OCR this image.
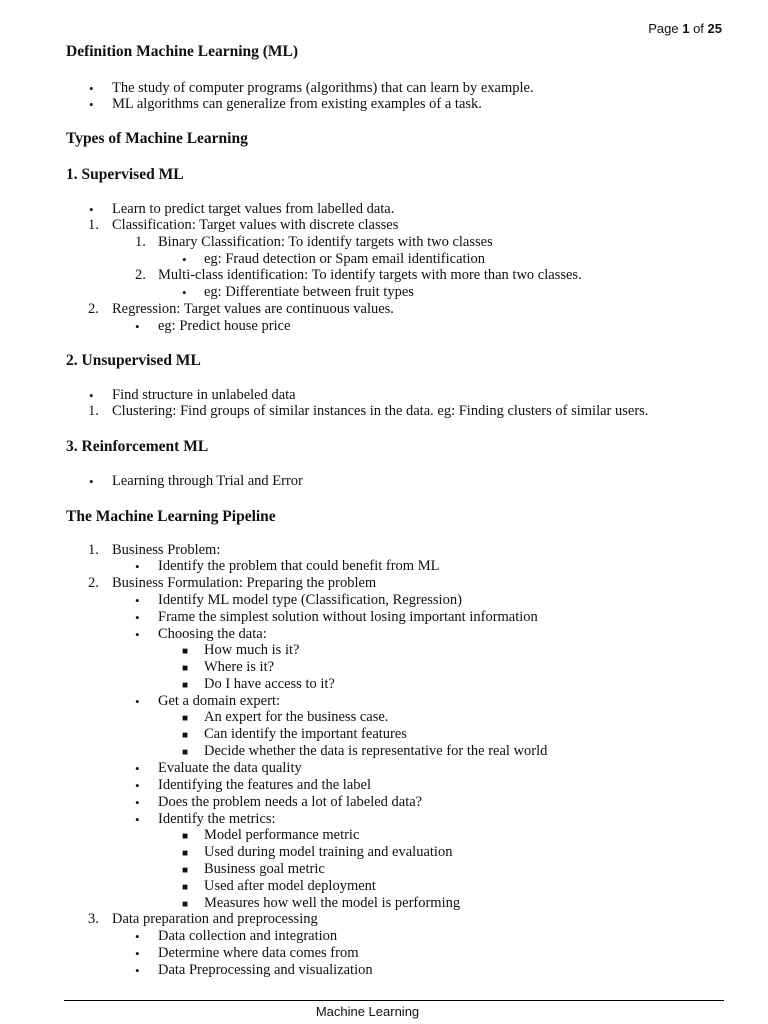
Page 1 of 25
Definition Machine Learning (ML)
• The study of computer programs (algorithms) that can learn by example.
• ML algorithms can generalize from existing examples of a task.
Types of Machine Learning
1. Supervised ML
• Learn to predict target values from labelled data.
1. Classification: Target values with discrete classes
1. Binary Classification: To identify targets with two classes
• eg: Fraud detection or Spam email identification
2. Multi-class identification: To identify targets with more than two classes.
• eg: Differentiate between fruit types
2. Regression: Target values are continuous values.
• eg: Predict house price
2. Unsupervised ML
• Find structure in unlabeled data
1. Clustering: Find groups of similar instances in the data. eg: Finding clusters of similar users.
3. Reinforcement ML
• Learning through Trial and Error
The Machine Learning Pipeline
1. Business Problem:
• Identify the problem that could benefit from ML
2. Business Formulation: Preparing the problem
• Identify ML model type (Classification, Regression)
• Frame the simplest solution without losing important information
• Choosing the data:
■ How much is it?
■ Where is it?
■ Do I have access to it?
• Get a domain expert:
■ An expert for the business case.
■ Can identify the important features
■ Decide whether the data is representative for the real world
• Evaluate the data quality
• Identifying the features and the label
• Does the problem needs a lot of labeled data?
• Identify the metrics:
■ Model performance metric
■ Used during model training and evaluation
■ Business goal metric
■ Used after model deployment
■ Measures how well the model is performing
3. Data preparation and preprocessing
• Data collection and integration
• Determine where data comes from
• Data Preprocessing and visualization
Machine Learning
